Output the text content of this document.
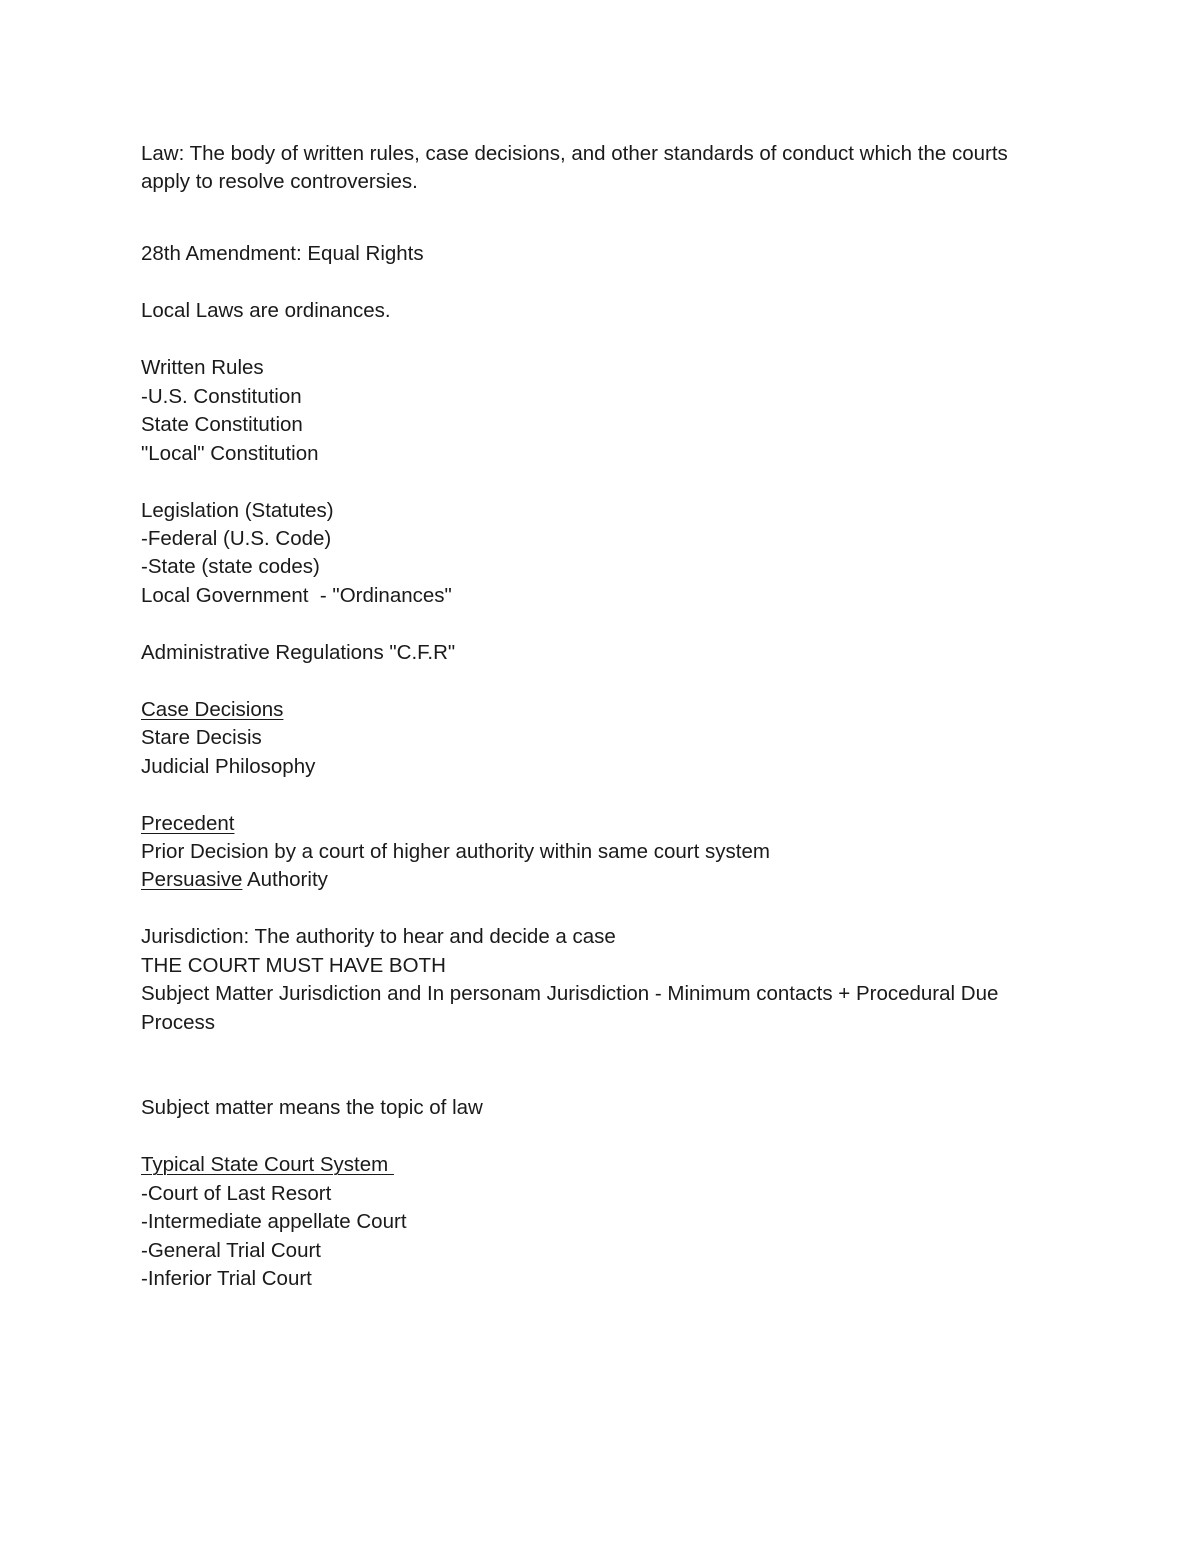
Law: The body of written rules, case decisions, and other standards of conduct which the courts
apply to resolve controversies.
28th Amendment: Equal Rights
Local Laws are ordinances.
Written Rules
-U.S. Constitution
State Constitution
"Local" Constitution
Legislation (Statutes)
-Federal (U.S. Code)
-State (state codes)
Local Government  - "Ordinances"
Administrative Regulations "C.F.R"
Case Decisions
Stare Decisis
Judicial Philosophy
Precedent
Prior Decision by a court of higher authority within same court system
Persuasive Authority
Jurisdiction: The authority to hear and decide a case
THE COURT MUST HAVE BOTH
Subject Matter Jurisdiction and In personam Jurisdiction - Minimum contacts + Procedural Due
Process
Subject matter means the topic of law
Typical State Court System
-Court of Last Resort
-Intermediate appellate Court
-General Trial Court
-Inferior Trial Court
